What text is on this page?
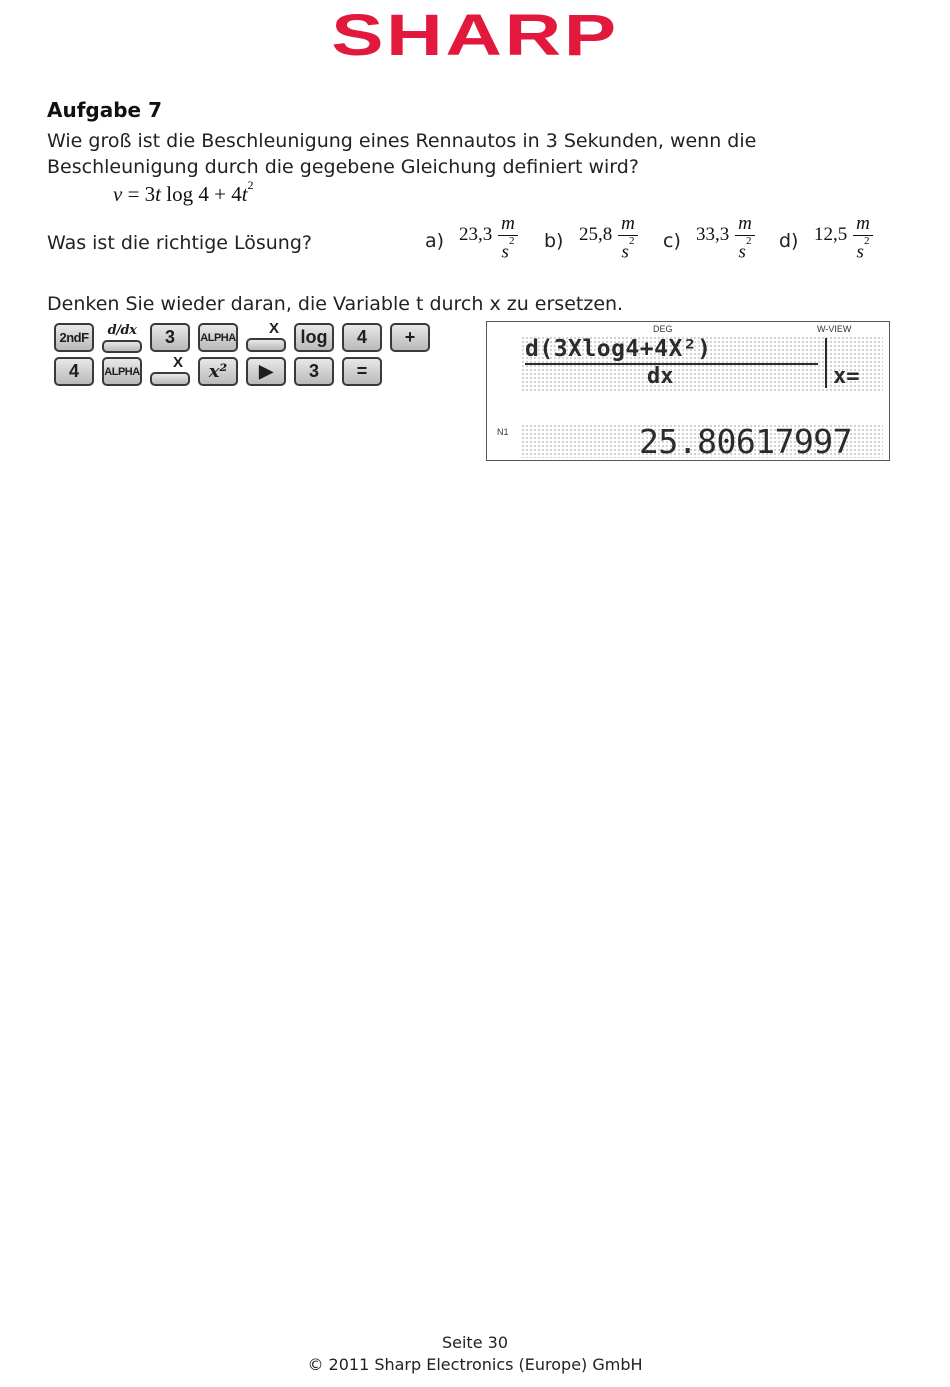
SHARP
Aufgabe 7

Wie groß ist die Beschleunigung eines Rennautos in 3 Sekunden, wenn die Beschleunigung durch die gegebene Gleichung definiert wird?

v = 3t $\log 4 + 4t^2$
Was ist die richtige Lösung?	a) 23,3
m
$s^2$ b) 25,8
m
$s^2$ c) 33,3
m
$s^2$ d) 12,5
m
$s^2$
Denken Sie wieder daran, die Variable t durch x zu ersetzen.
2ndF	d/dx	3	ALPHA
X	log	4	+
4	ALPHA
X	x²	▶	3	=
DEG	W-VIEW
d(3Xlog4+4X²)
dx	x=
N1	25.80617997
Seite 30
© 2011 Sharp Electronics (Europe) GmbH
